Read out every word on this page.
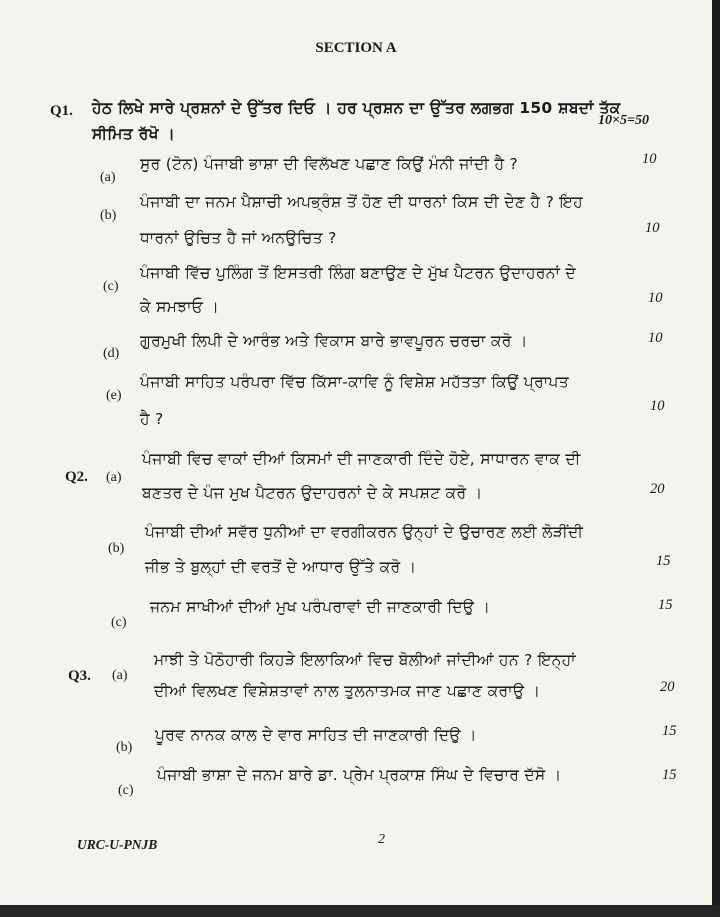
SECTION A
Q1. ਹੇਠ ਲਿਖੇ ਸਾਰੇ ਪ੍ਰਸ਼ਨਾਂ ਦੇ ਉੱਤਰ ਦਿਓ । ਹਰ ਪ੍ਰਸ਼ਨ ਦਾ ਉੱਤਰ ਲਗਭਗ 150 ਸ਼ਬਦਾਂ ਤੱਕ
ਸੀਮਿਤ ਰੱਖੋ ।
10×5=50
(a)
ਸੁਰ (ਟੋਨ) ਪੰਜਾਬੀ ਭਾਸ਼ਾ ਦੀ ਵਿਲੱਖਣ ਪਛਾਣ ਕਿਉਂ ਮੰਨੀ ਜਾਂਦੀ ਹੈ ?	10
(b)
ਪੰਜਾਬੀ ਦਾ ਜਨਮ ਪੈਸ਼ਾਚੀ ਅਪਭ੍ਰੰਸ਼ ਤੋਂ ਹੋਣ ਦੀ ਧਾਰਨਾਂ ਕਿਸ ਦੀ ਦੇਣ ਹੈ ? ਇਹ
ਧਾਰਨਾਂ ਉਚਿਤ ਹੈ ਜਾਂ ਅਨਉਚਿਤ ?
10
(c)
ਪੰਜਾਬੀ ਵਿੱਚ ਪੁਲਿੰਗ ਤੋਂ ਇਸਤਰੀ ਲਿੰਗ ਬਣਾਉਣ ਦੇ ਮੁੱਖ ਪੈਟਰਨ ਉਦਾਹਰਨਾਂ ਦੇ
ਕੇ ਸਮਝਾਓ ।	10
(d)
ਗੁਰਮੁਖੀ ਲਿਪੀ ਦੇ ਆਰੰਭ ਅਤੇ ਵਿਕਾਸ ਬਾਰੇ ਭਾਵਪੂਰਨ ਚਰਚਾ ਕਰੋ ।	10
(e)
ਪੰਜਾਬੀ ਸਾਹਿਤ ਪਰੰਪਰਾ ਵਿੱਚ ਕਿੱਸਾ-ਕਾਵਿ ਨੂੰ ਵਿਸ਼ੇਸ਼ ਮਹੱਤਤਾ ਕਿਉਂ ਪ੍ਰਾਪਤ
ਹੈ ?
10
Q2. (a)
ਪੰਜਾਬੀ ਵਿਚ ਵਾਕਾਂ ਦੀਆਂ ਕਿਸਮਾਂ ਦੀ ਜਾਣਕਾਰੀ ਦਿੰਦੇ ਹੋਏ, ਸਾਧਾਰਨ ਵਾਕ ਦੀ
ਬਣਤਰ ਦੇ ਪੰਜ ਮੁਖ ਪੈਟਰਨ ਉਦਾਹਰਨਾਂ ਦੇ ਕੇ ਸਪਸ਼ਟ ਕਰੋ ।	20
(b)
ਪੰਜਾਬੀ ਦੀਆਂ ਸਵੱਰ ਧੁਨੀਆਂ ਦਾ ਵਰਗੀਕਰਨ ਉਨ੍ਹਾਂ ਦੇ ਉਚਾਰਣ ਲਈ ਲੋੜੀਂਦੀ
ਜੀਭ ਤੇ ਬੁਲ੍ਹਾਂ ਦੀ ਵਰਤੋਂ ਦੇ ਆਧਾਰ ਉੱਤੇ ਕਰੋ ।	15
(c)
ਜਨਮ ਸਾਖੀਆਂ ਦੀਆਂ ਮੁਖ ਪਰੰਪਰਾਵਾਂ ਦੀ ਜਾਣਕਾਰੀ ਦਿਉ ।	15
Q3. (a)
ਮਾਝੀ ਤੇ ਪੋਠੋਹਾਰੀ ਕਿਹੜੇ ਇਲਾਕਿਆਂ ਵਿਚ ਬੋਲੀਆਂ ਜਾਂਦੀਆਂ ਹਨ ? ਇਨ੍ਹਾਂ
ਦੀਆਂ ਵਿਲਖਣ ਵਿਸ਼ੇਸ਼ਤਾਵਾਂ ਨਾਲ ਤੁਲਨਾਤਮਕ ਜਾਣ ਪਛਾਣ ਕਰਾਉ ।	20
(b)
ਪੂਰਵ ਨਾਨਕ ਕਾਲ ਦੇ ਵਾਰ ਸਾਹਿਤ ਦੀ ਜਾਣਕਾਰੀ ਦਿਉ ।	15
(c)
ਪੰਜਾਬੀ ਭਾਸ਼ਾ ਦੇ ਜਨਮ ਬਾਰੇ ਡਾ. ਪ੍ਰੇਮ ਪ੍ਰਕਾਸ਼ ਸਿੰਘ ਦੇ ਵਿਚਾਰ ਦੱਸੋ ।	15
URC-U-PNJB	2
